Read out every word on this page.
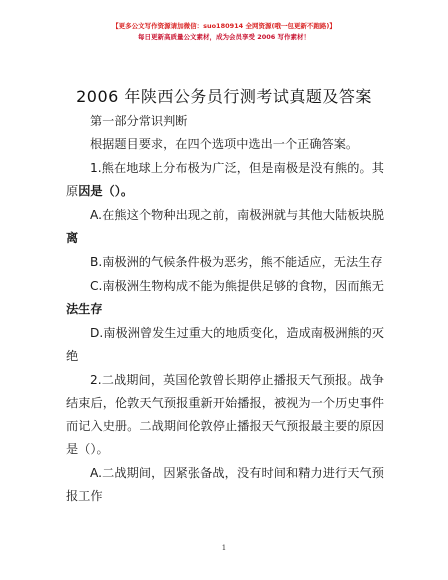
【更多公文写作资源请加微信：suo180914 全网资源(哦一包更新不跑路)】
每日更新高质量公文素材，成为会员享受 2006 写作素材！
2006 年陕西公务员行测考试真题及答案

第一部分常识判断

根据题目要求，在四个选项中选出一个正确答案。

1.熊在地球上分布极为广泛，但是南极是没有熊的。其原因是（）。

A.在熊这个物种出现之前，南极洲就与其他大陆板块脱离

B.南极洲的气候条件极为恶劣，熊不能适应，无法生存

C.南极洲生物构成不能为熊提供足够的食物，因而熊无法生存

D.南极洲曾发生过重大的地质变化，造成南极洲熊的灭绝

2.二战期间，英国伦敦曾长期停止播报天气预报。战争结束后，伦敦天气预报重新开始播报，被视为一个历史事件而记入史册。二战期间伦敦停止播报天气预报最主要的原因是（）。

A.二战期间，因紧张备战，没有时间和精力进行天气预报工作

1
